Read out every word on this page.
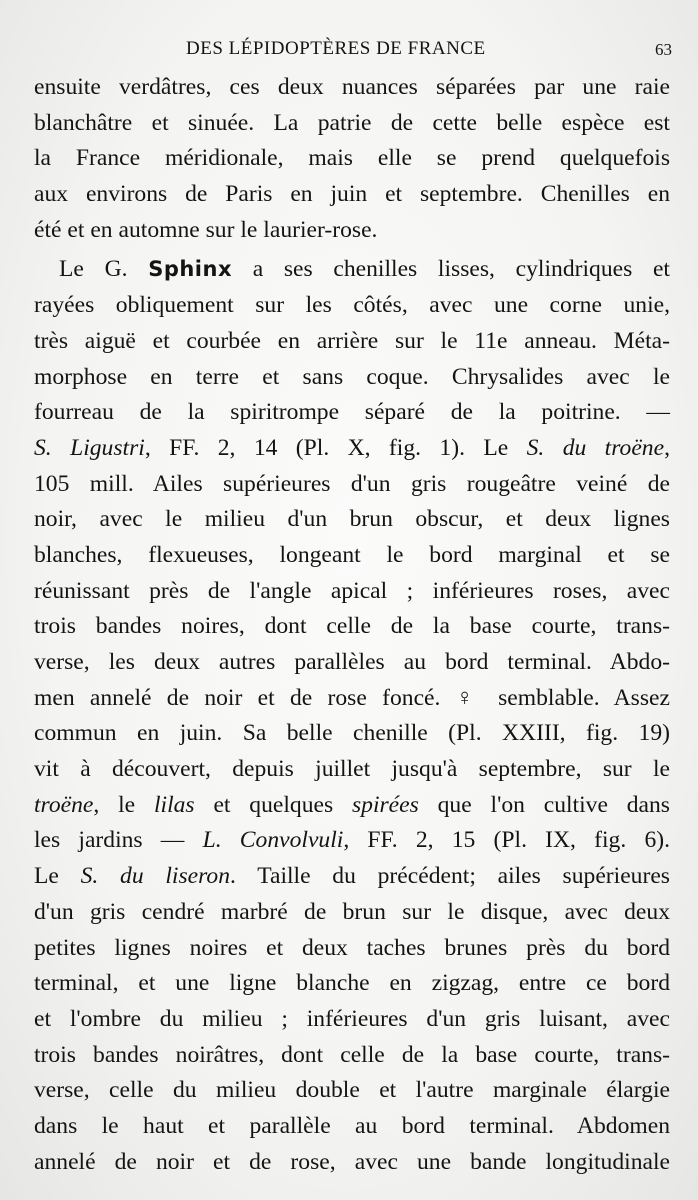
DES LÉPIDOPTÈRES DE FRANCE	63
ensuite verdâtres, ces deux nuances séparées par une raie
blanchâtre et sinuée. La patrie de cette belle espèce est
la France méridionale, mais elle se prend quelquefois
aux environs de Paris en juin et septembre. Chenilles en
été et en automne sur le laurier-rose.
Le G. Sphinx a ses chenilles lisses, cylindriques et
rayées obliquement sur les côtés, avec une corne unie,
très aiguë et courbée en arrière sur le 11e anneau. Méta-
morphose en terre et sans coque. Chrysalides avec le
fourreau de la spiritrompe séparé de la poitrine. —
S. Ligustri, FF. 2, 14 (Pl. X, fig. 1). Le S. du troëne,
105 mill. Ailes supérieures d'un gris rougeâtre veiné de
noir, avec le milieu d'un brun obscur, et deux lignes
blanches, flexueuses, longeant le bord marginal et se
réunissant près de l'angle apical ; inférieures roses, avec
trois bandes noires, dont celle de la base courte, trans-
verse, les deux autres parallèles au bord terminal. Abdo-
men annelé de noir et de rose foncé. ♀ semblable. Assez
commun en juin. Sa belle chenille (Pl. XXIII, fig. 19)
vit à découvert, depuis juillet jusqu'à septembre, sur le
troëne, le lilas et quelques spirées que l'on cultive dans
les jardins — L. Convolvuli, FF. 2, 15 (Pl. IX, fig. 6).
Le S. du liseron. Taille du précédent; ailes supérieures
d'un gris cendré marbré de brun sur le disque, avec deux
petites lignes noires et deux taches brunes près du bord
terminal, et une ligne blanche en zigzag, entre ce bord
et l'ombre du milieu ; inférieures d'un gris luisant, avec
trois bandes noirâtres, dont celle de la base courte, trans-
verse, celle du milieu double et l'autre marginale élargie
dans le haut et parallèle au bord terminal. Abdomen
annelé de noir et de rose, avec une bande longitudinale
